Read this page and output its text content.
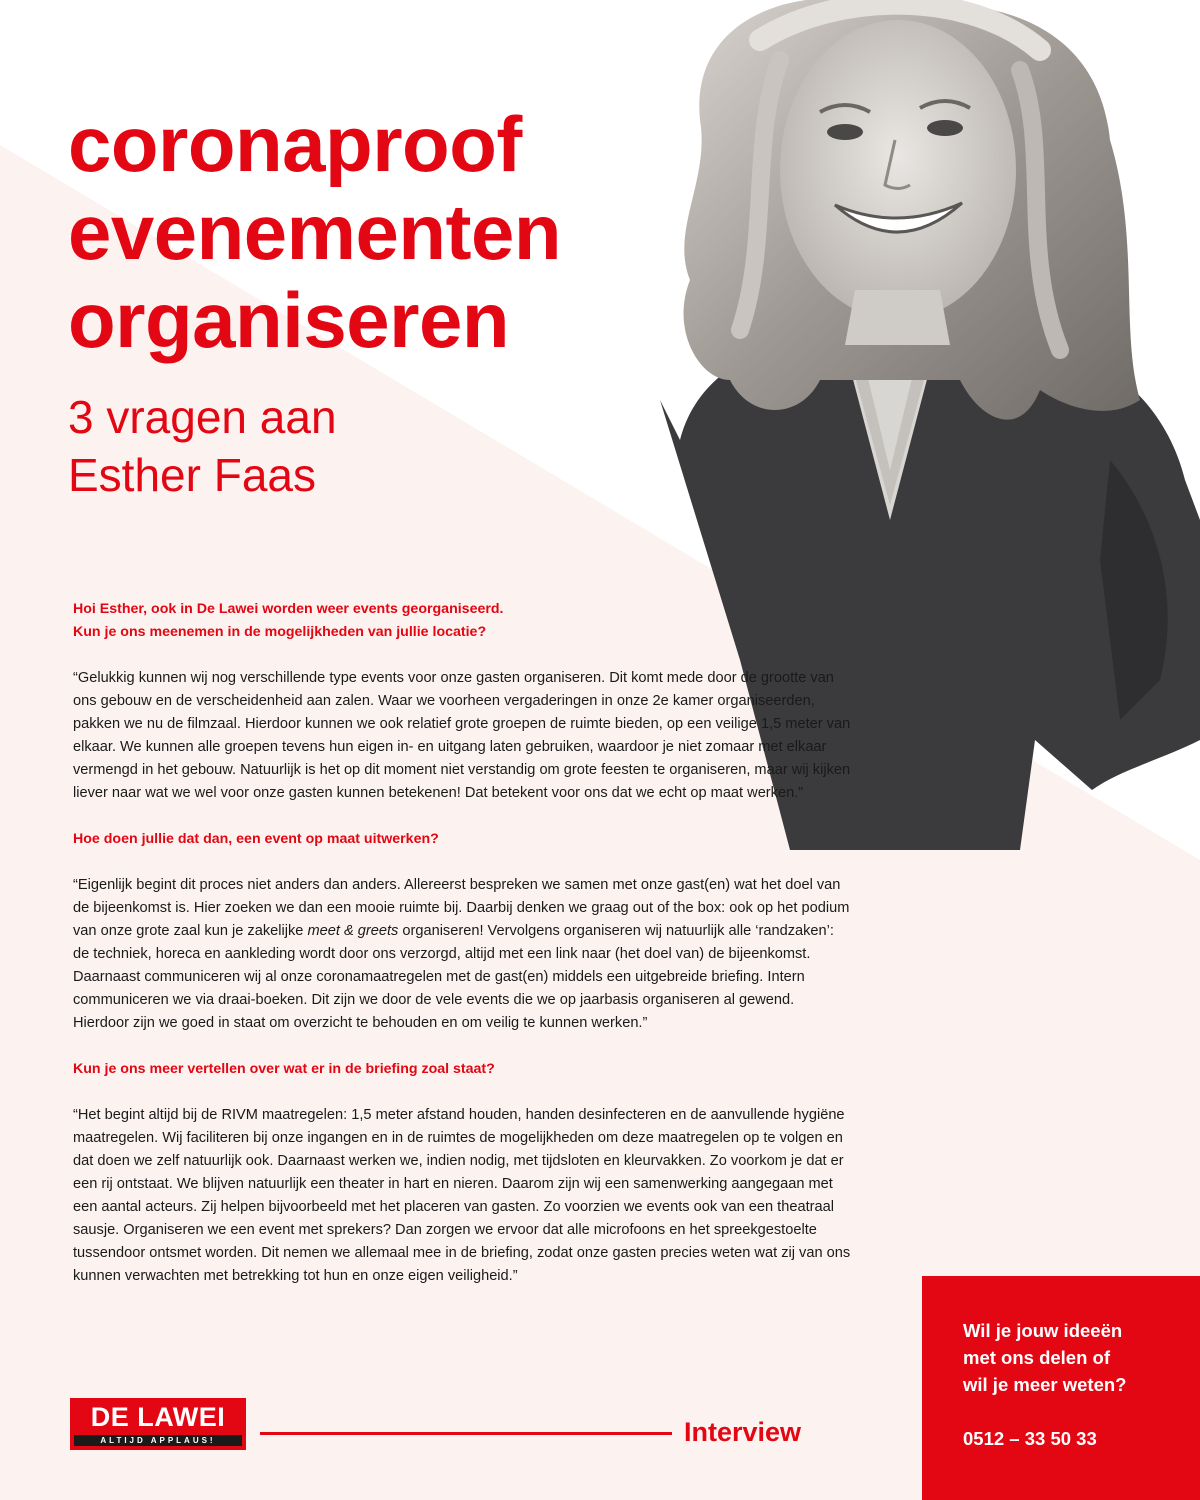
coronaproof
evenementen
organiseren
3 vragen aan
Esther Faas

Hoi Esther, ook in De Lawei worden weer events georganiseerd.
Kun je ons meenemen in de mogelijkheden van jullie locatie?

“Gelukkig kunnen wij nog verschillende type events voor onze gasten organiseren. Dit komt mede door de grootte van ons gebouw en de verscheidenheid aan zalen. Waar we voorheen vergaderingen in onze 2e kamer organiseerden, pakken we nu de filmzaal. Hierdoor kunnen we ook relatief grote groepen de ruimte bieden, op een veilige 1,5 meter van elkaar. We kunnen alle groepen tevens hun eigen in- en uitgang laten gebruiken, waardoor je niet zomaar met elkaar vermengd in het gebouw. Natuurlijk is het op dit moment niet verstandig om grote feesten te organiseren, maar wij kijken liever naar wat we wel voor onze gasten kunnen betekenen! Dat betekent voor ons dat we echt op maat werken.”

Hoe doen jullie dat dan, een event op maat uitwerken?

“Eigenlijk begint dit proces niet anders dan anders. Allereerst bespreken we samen met onze gast(en) wat het doel van de bijeenkomst is. Hier zoeken we dan een mooie ruimte bij. Daarbij denken we graag out of the box: ook op het podium van onze grote zaal kun je zakelijke meet & greets organiseren! Vervolgens organiseren wij natuurlijk alle ‘randzaken’: de techniek, horeca en aankleding wordt door ons verzorgd, altijd met een link naar (het doel van) de bijeenkomst. Daarnaast communiceren wij al onze coronamaatregelen met de gast(en) middels een uitgebreide briefing. Intern communiceren we via draai-boeken. Dit zijn we door de vele events die we op jaarbasis organiseren al gewend. Hierdoor zijn we goed in staat om overzicht te behouden en om veilig te kunnen werken.”

Kun je ons meer vertellen over wat er in de briefing zoal staat?

“Het begint altijd bij de RIVM maatregelen: 1,5 meter afstand houden, handen desinfecteren en de aanvullende hygiëne maatregelen. Wij faciliteren bij onze ingangen en in de ruimtes de mogelijkheden om deze maatregelen op te volgen en dat doen we zelf natuurlijk ook. Daarnaast werken we, indien nodig, met tijdsloten en kleurvakken. Zo voorkom je dat er een rij ontstaat. We blijven natuurlijk een theater in hart en nieren. Daarom zijn wij een samenwerking aangegaan met een aantal acteurs. Zij helpen bijvoorbeeld met het placeren van gasten. Zo voorzien we events ook van een theatraal sausje. Organiseren we een event met sprekers? Dan zorgen we ervoor dat alle microfoons en het spreekgestoelte tussendoor ontsmet worden. Dit nemen we allemaal mee in de briefing, zodat onze gasten precies weten wat zij van ons kunnen verwachten met betrekking tot hun en onze eigen veiligheid.”

Wil je jouw ideeën
met ons delen of
wil je meer weten?
0512 – 33 50 33
DE LAWEI
ALTIJD APPLAUS!	Interview
